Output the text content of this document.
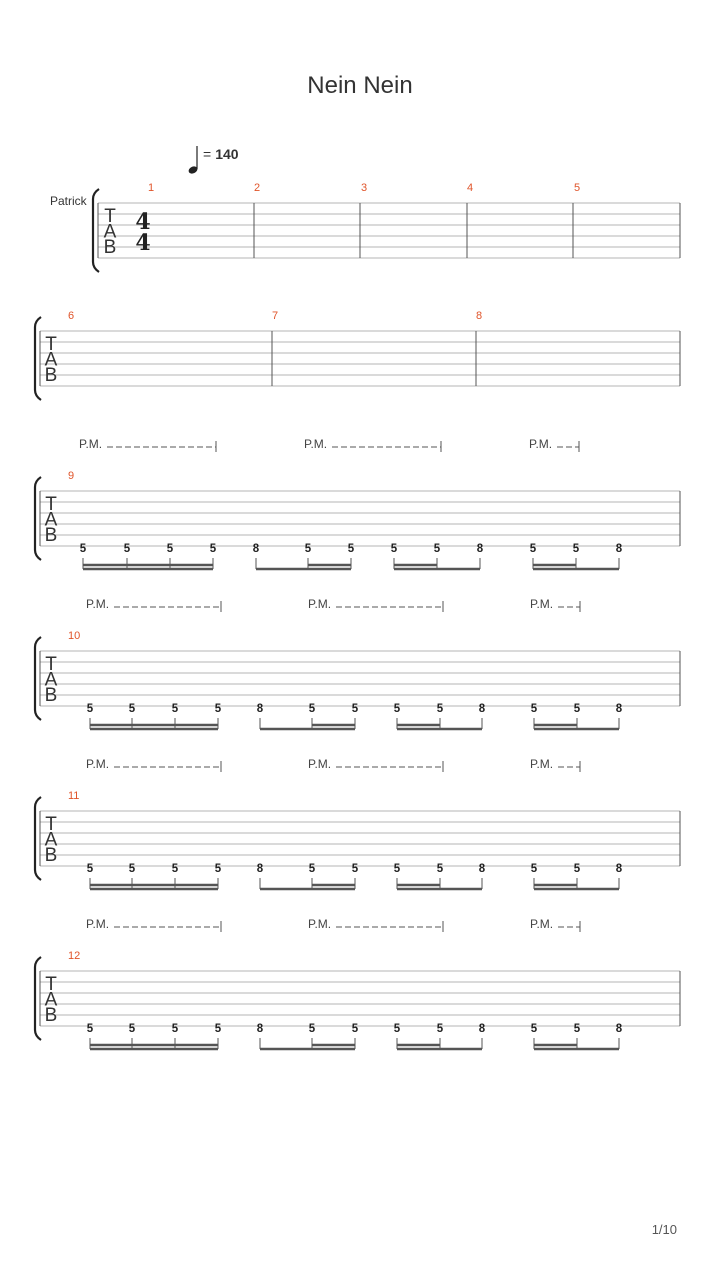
Nein Nein
= 140
Patrick
T
A
B
4
4
1	2	3	4	5
T
A
B
6	7	8
T
A
B
9
5	5	5	5	8	5	5	5	5	8	5	5	8
P.M.	P.M.	P.M.
T
A
B
10
5	5	5	5	8	5	5	5	5	8	5	5	8
P.M.	P.M.	P.M.
T
A
B
11
5	5	5	5	8	5	5	5	5	8	5	5	8
P.M.	P.M.	P.M.
T
A
B
12
5	5	5	5	8	5	5	5	5	8	5	5	8
P.M.	P.M.	P.M.
1/10
